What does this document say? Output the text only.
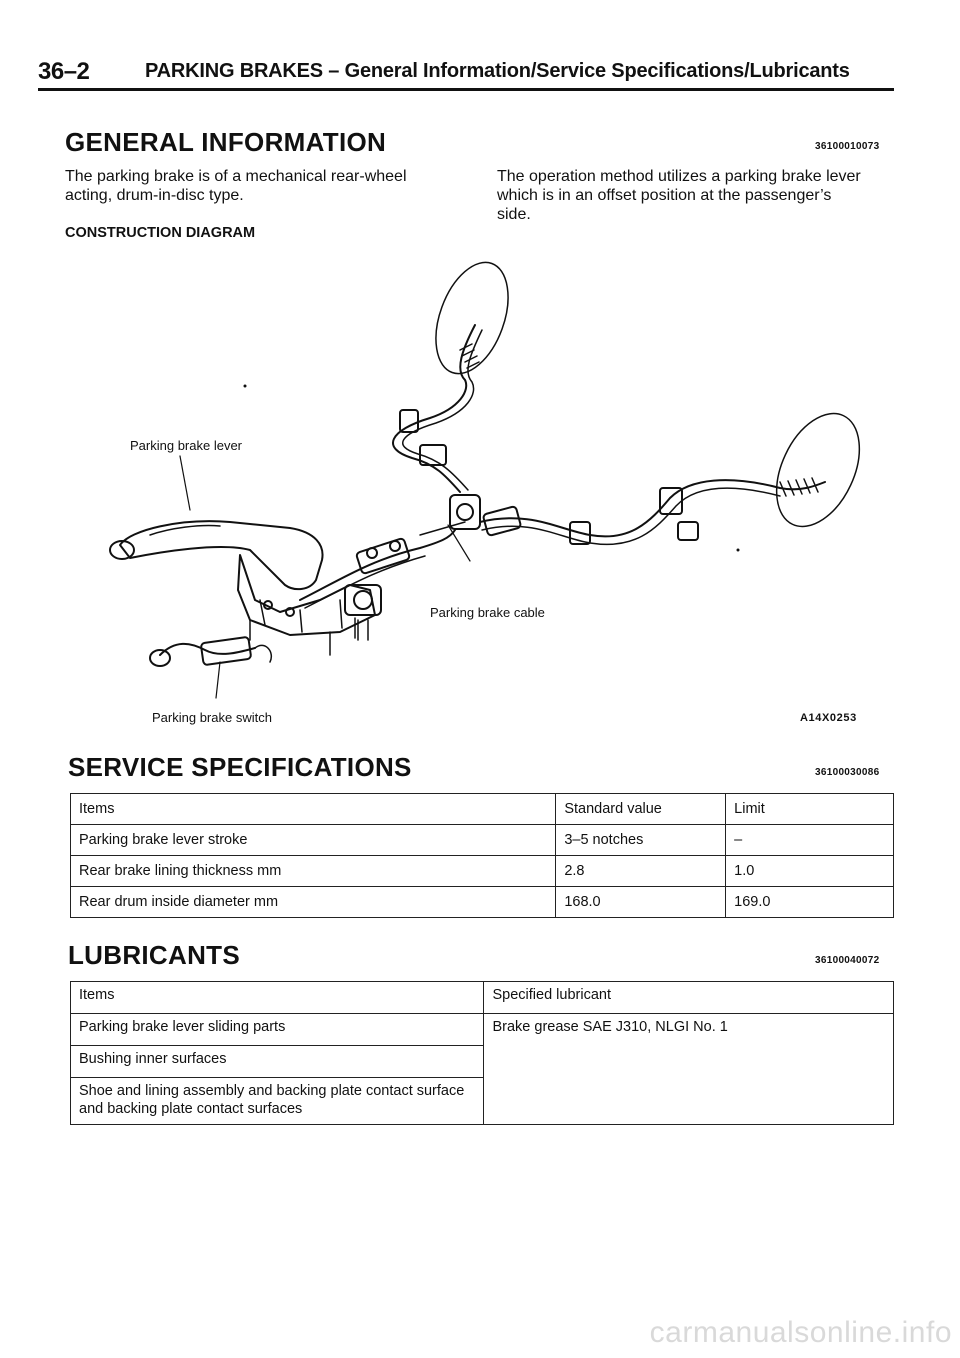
36–2	PARKING BRAKES – General Information/Service Specifications/Lubricants
GENERAL INFORMATION	36100010073
The parking brake is of a mechanical rear-wheel
acting, drum-in-disc type.
The operation method utilizes a parking brake lever
which is in an offset position at the passenger’s
side.
CONSTRUCTION DIAGRAM
Parking brake lever
Parking brake cable
Parking brake switch	A14X0253
SERVICE SPECIFICATIONS	36100030086
Items	Standard value	Limit
Parking brake lever stroke	3–5 notches	–
Rear brake lining thickness mm	2.8	1.0
Rear drum inside diameter mm	168.0	169.0
LUBRICANTS	36100040072
Items	Specified lubricant
Parking brake lever sliding parts	Brake grease SAE J310, NLGI No. 1
Bushing inner surfaces	
Shoe and lining assembly and backing plate contact surface and backing plate contact surfaces	
carmanualsonline.info
